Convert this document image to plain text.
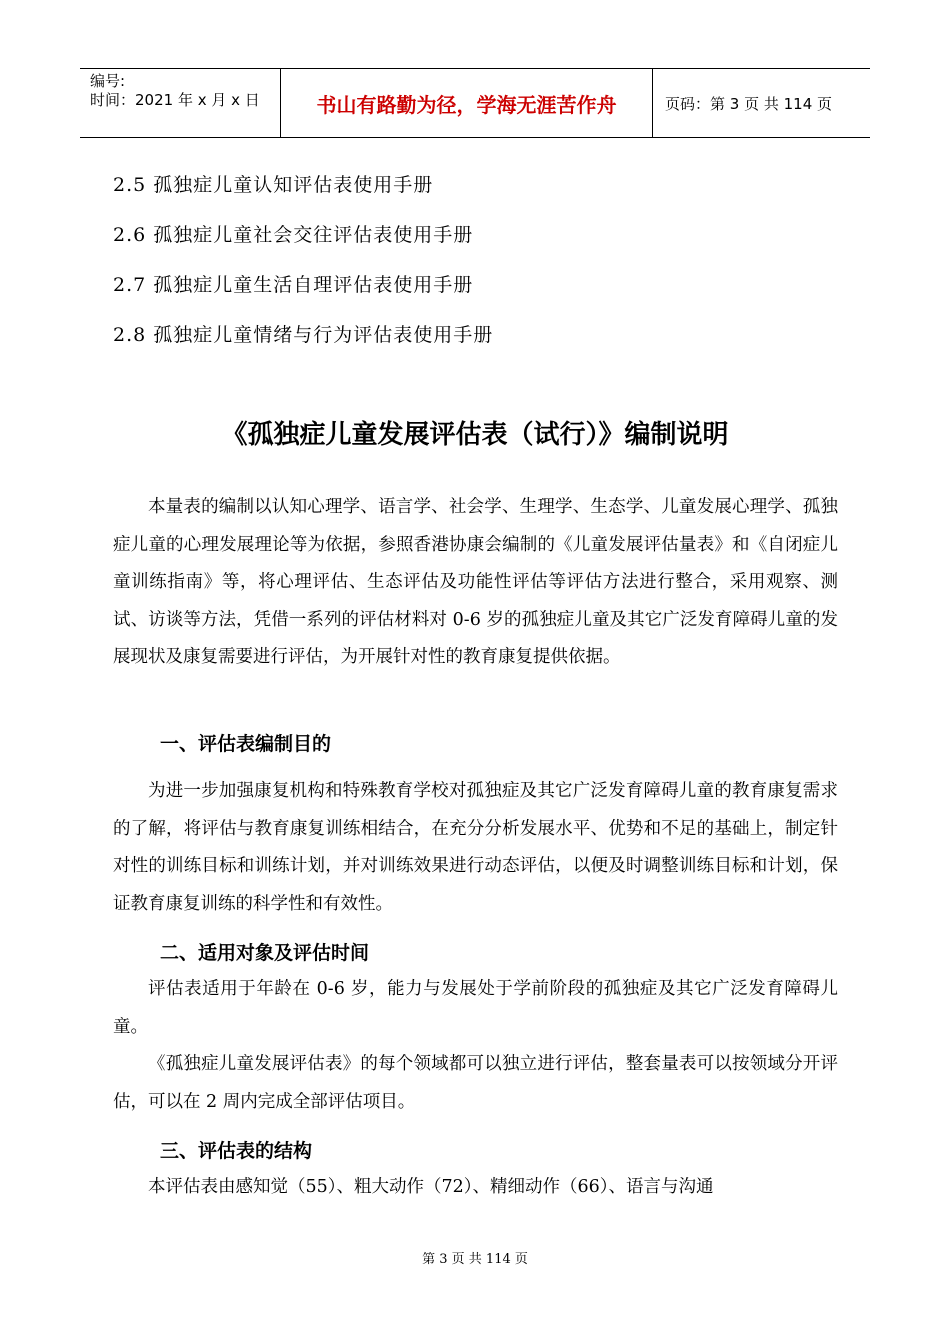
编号:
时间：2021 年 x 月 x 日	书山有路勤为径，学海无涯苦作舟	页码：第 3 页 共 114 页
2.5 孤独症儿童认知评估表使用手册
2.6 孤独症儿童社会交往评估表使用手册
2.7 孤独症儿童生活自理评估表使用手册
2.8 孤独症儿童情绪与行为评估表使用手册
《孤独症儿童发展评估表（试行）》编制说明

本量表的编制以认知心理学、语言学、社会学、生理学、生态学、儿童发展心理学、孤独症儿童的心理发展理论等为依据，参照香港协康会编制的《儿童发展评估量表》和《自闭症儿童训练指南》等，将心理评估、生态评估及功能性评估等评估方法进行整合，采用观察、测试、访谈等方法，凭借一系列的评估材料对 0-6 岁的孤独症儿童及其它广泛发育障碍儿童的发展现状及康复需要进行评估，为开展针对性的教育康复提供依据。

一、评估表编制目的

为进一步加强康复机构和特殊教育学校对孤独症及其它广泛发育障碍儿童的教育康复需求的了解，将评估与教育康复训练相结合，在充分分析发展水平、优势和不足的基础上，制定针对性的训练目标和训练计划，并对训练效果进行动态评估，以便及时调整训练目标和计划，保证教育康复训练的科学性和有效性。

二、适用对象及评估时间

评估表适用于年龄在 0-6 岁，能力与发展处于学前阶段的孤独症及其它广泛发育障碍儿童。

《孤独症儿童发展评估表》的每个领域都可以独立进行评估，整套量表可以按领域分开评估，可以在 2 周内完成全部评估项目。

三、评估表的结构

本评估表由感知觉（55）、粗大动作（72）、精细动作（66）、语言与沟通

第 3 页 共 114 页
